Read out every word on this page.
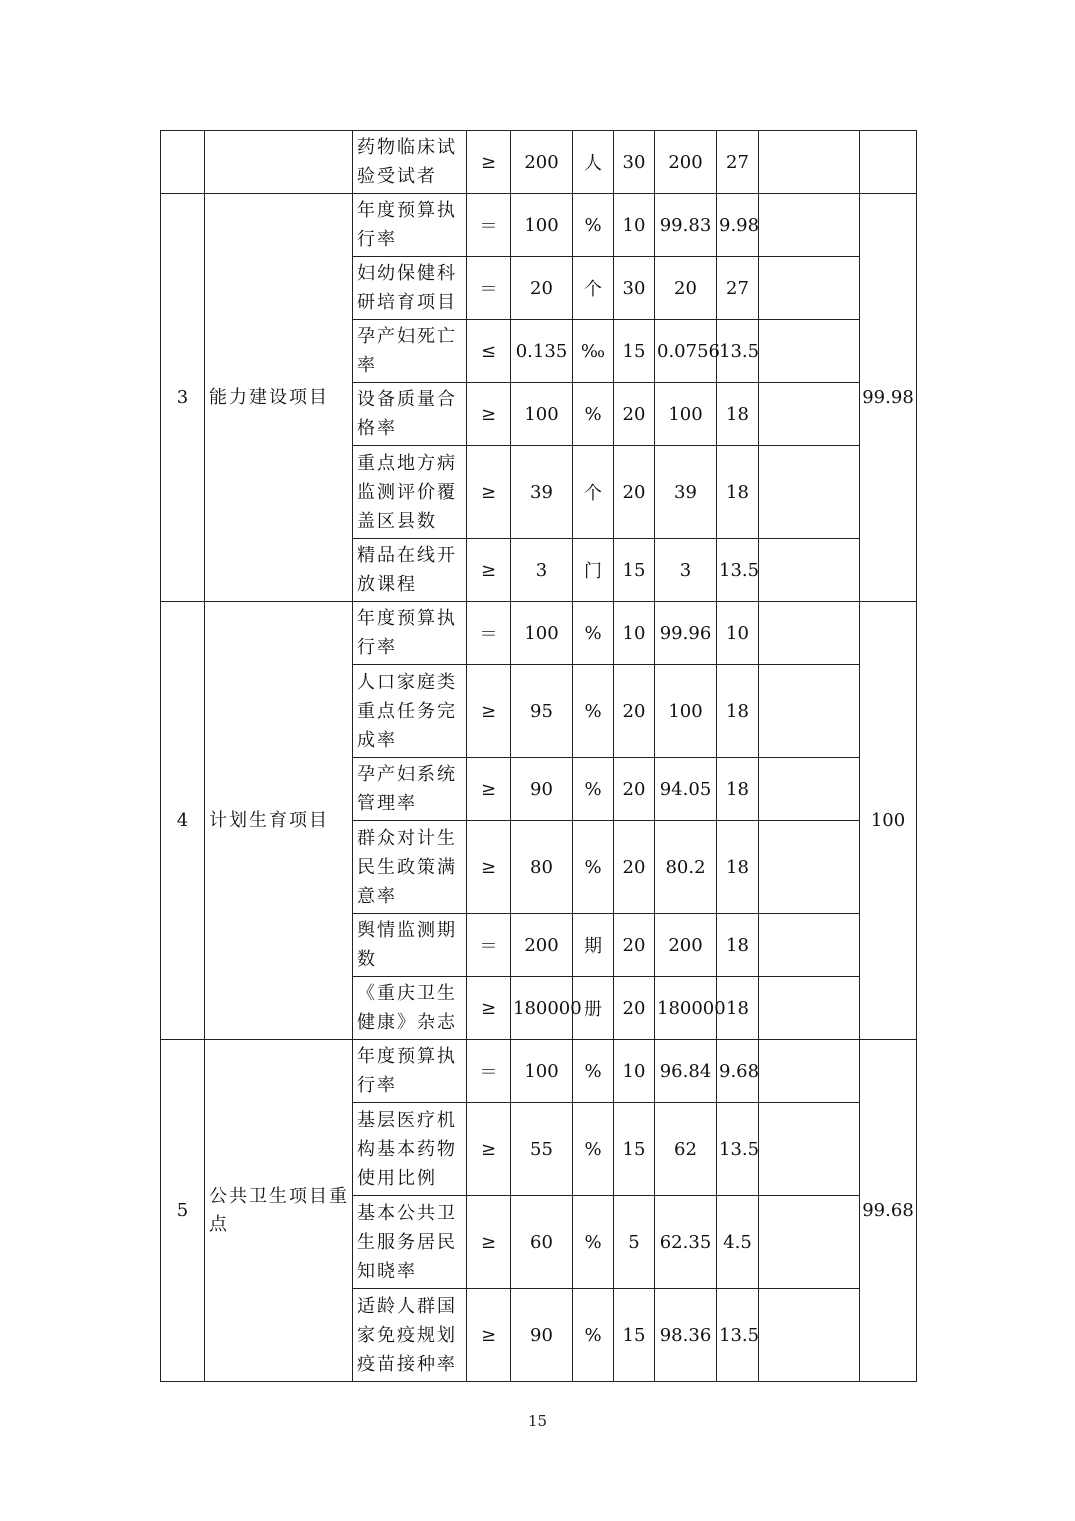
		药物临床试验受试者	≥	200	人	30	200	27		
3	能力建设项目	年度预算执行率	＝	100	%	10	99.83	9.98		99.98
		妇幼保健科研培育项目	＝	20	个	30	20	27		
		孕产妇死亡率	≤	0.135	‰	15	0.0756	13.5		
		设备质量合格率	≥	100	%	20	100	18		
		重点地方病监测评价覆盖区县数	≥	39	个	20	39	18		
		精品在线开放课程	≥	3	门	15	3	13.5		
4	计划生育项目	年度预算执行率	＝	100	%	10	99.96	10		100
		人口家庭类重点任务完成率	≥	95	%	20	100	18		
		孕产妇系统管理率	≥	90	%	20	94.05	18		
		群众对计生民生政策满意率	≥	80	%	20	80.2	18		
		舆情监测期数	＝	200	期	20	200	18		
		《重庆卫生健康》杂志	≥	180000	册	20	180000	18		
5	公共卫生项目重点	年度预算执行率	＝	100	%	10	96.84	9.68		99.68
		基层医疗机构基本药物使用比例	≥	55	%	15	62	13.5		
		基本公共卫生服务居民知晓率	≥	60	%	5	62.35	4.5		
		适龄人群国家免疫规划疫苗接种率	≥	90	%	15	98.36	13.5		
15
